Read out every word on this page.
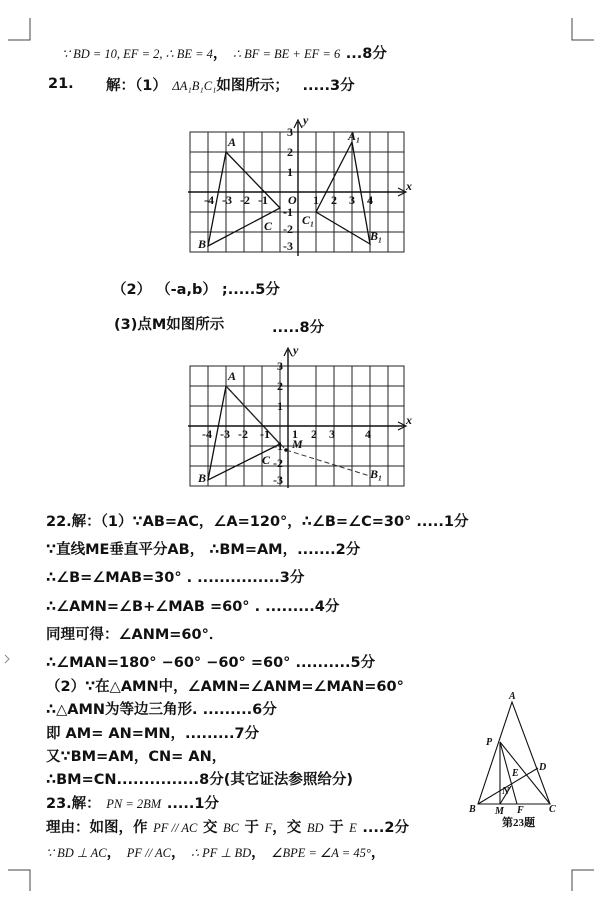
∵ BD = 10, EF = 2, ∴ BE = 4， ∴ BF = BE + EF = 6 ...8分
21. 解：（1） ΔA₁B₁C₁如图所示； .....3分
x
y
-4 -3 -2 -1 O 1 2 3 4
3
2
1
-1
-2
-3
A
B
C
A₁
B₁
C₁
（2） （-a,b） ;.....5分
(3)点M如图所示	.....8分
x
y
-4 -3 -2 -1 1 2 3	4
3
2
1
-1
-2
-3
A
B
C
M
B₁
22.解：（1）∵AB=AC，∠A=120°，∴∠B=∠C=30° .....1分
∵直线ME垂直平分AB， ∴BM=AM，.......2分
∴∠B=∠MAB=30° . ...............3分
∴∠AMN=∠B+∠MAB =60° . .........4分
同理可得：∠ANM=60°．
∴∠MAN=180° −60° −60° =60° ..........5分
（2）∵在△AMN中，∠AMN=∠ANM=∠MAN=60°
∴△AMN为等边三角形. .........6分
即 AM= AN=MN，.........7分
又∵BM=AM，CN= AN，
∴BM=CN...............8分(其它证法参照给分)
23.解： PN = 2BM .....1分
理由：如图，作 PF // AC 交 BC 于 F，交 BD 于 E ....2分
∵ BD ⊥ AC， PF // AC， ∴ PF ⊥ BD， ∠BPE = ∠A = 45°，
A
P
E
D
N
B M F	C
第23题
